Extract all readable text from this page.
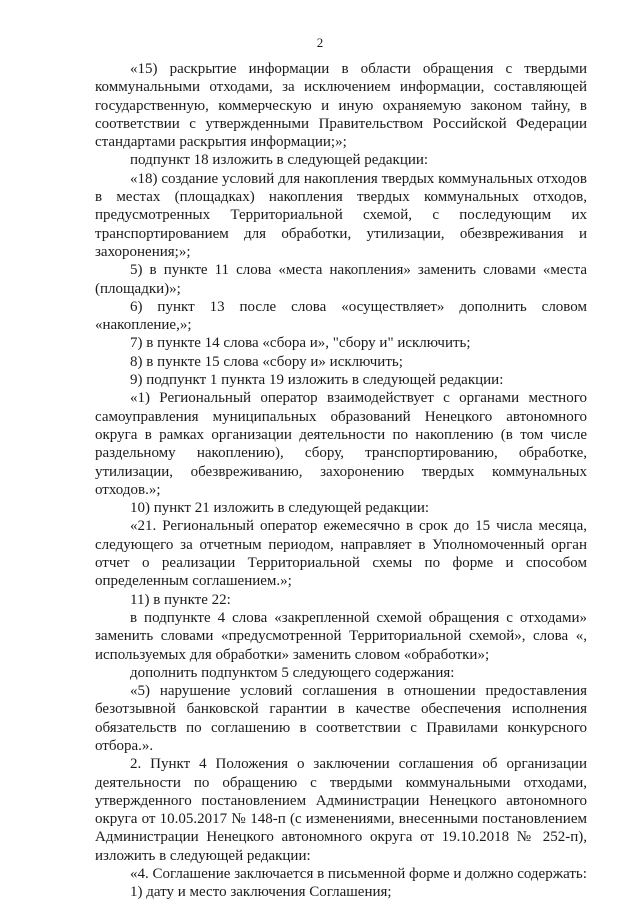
2

«15) раскрытие информации в области обращения с твердыми коммунальными отходами, за исключением информации, составляющей государственную, коммерческую и иную охраняемую законом тайну, в соответствии с утвержденными Правительством Российской Федерации стандартами раскрытия информации;»;

подпункт 18 изложить в следующей редакции:

«18) создание условий для накопления твердых коммунальных отходов в местах (площадках) накопления твердых коммунальных отходов, предусмотренных Территориальной схемой, с последующим их транспортированием для обработки, утилизации, обезвреживания и захоронения;»;

5) в пункте 11 слова «места накопления» заменить словами «места (площадки)»;

6) пункт 13 после слова «осуществляет» дополнить словом «накопление,»;

7) в пункте 14 слова «сбора и», "сбору и" исключить;

8) в пункте 15 слова «сбору и» исключить;

9) подпункт 1 пункта 19 изложить в следующей редакции:

«1) Региональный оператор взаимодействует с органами местного самоуправления муниципальных образований Ненецкого автономного округа в рамках организации деятельности по накоплению (в том числе раздельному накоплению), сбору, транспортированию, обработке, утилизации, обезвреживанию, захоронению твердых коммунальных отходов.»;

10) пункт 21 изложить в следующей редакции:

«21. Региональный оператор ежемесячно в срок до 15 числа месяца, следующего за отчетным периодом, направляет в Уполномоченный орган отчет о реализации Территориальной схемы по форме и способом определенным соглашением.»;

11) в пункте 22:

в подпункте 4 слова «закрепленной схемой обращения с отходами» заменить словами «предусмотренной Территориальной схемой», слова «, используемых для обработки» заменить словом «обработки»;

дополнить подпунктом 5 следующего содержания:

«5) нарушение условий соглашения в отношении предоставления безотзывной банковской гарантии в качестве обеспечения исполнения обязательств по соглашению в соответствии с Правилами конкурсного отбора.».

2. Пункт 4 Положения о заключении соглашения об организации деятельности по обращению с твердыми коммунальными отходами, утвержденного постановлением Администрации Ненецкого автономного округа от 10.05.2017 № 148-п (с изменениями, внесенными постановлением Администрации Ненецкого автономного округа от 19.10.2018 № 252-п), изложить в следующей редакции:

«4. Соглашение заключается в письменной форме и должно содержать:

1) дату и место заключения Соглашения;
